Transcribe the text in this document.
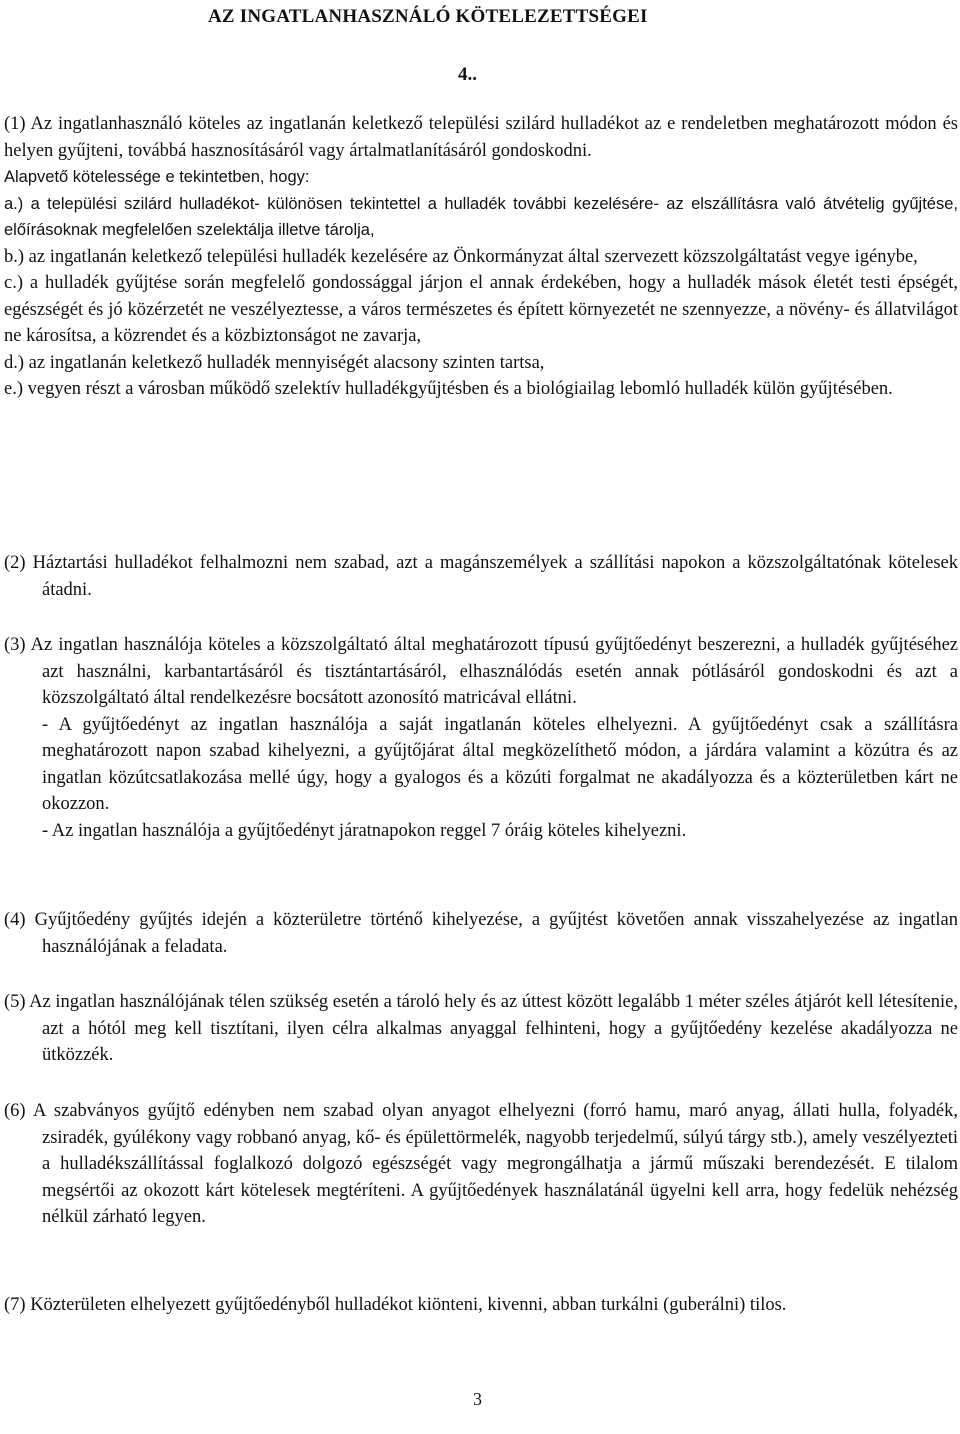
AZ INGATLANHASZNÁLÓ KÖTELEZETTSÉGEI
4..

(1) Az ingatlanhasználó köteles az ingatlanán keletkező települési szilárd hulladékot az e rendeletben meghatározott módon és helyen gyűjteni, továbbá hasznosításáról vagy ártalmatlanításáról gondoskodni.

Alapvető kötelessége e tekintetben, hogy:

a.) a települési szilárd hulladékot- különösen tekintettel a hulladék további kezelésére- az elszállításra való átvételig gyűjtése, előírásoknak megfelelően szelektálja illetve tárolja,

b.) az ingatlanán keletkező települési hulladék kezelésére az Önkormányzat által szervezett közszolgáltatást vegye igénybe,

c.) a hulladék gyűjtése során megfelelő gondossággal járjon el annak érdekében, hogy a hulladék mások életét testi épségét, egészségét és jó közérzetét ne veszélyeztesse, a város természetes és épített környezetét ne szennyezze, a növény- és állatvilágot ne károsítsa, a közrendet és a közbiztonságot ne zavarja,

d.) az ingatlanán keletkező hulladék mennyiségét alacsony szinten tartsa,

e.) vegyen részt a városban működő szelektív hulladékgyűjtésben és a biológiailag lebomló hulladék külön gyűjtésében.

(2) Háztartási hulladékot felhalmozni nem szabad, azt a magánszemélyek a szállítási napokon a közszolgáltatónak kötelesek átadni.

(3) Az ingatlan használója köteles a közszolgáltató által meghatározott típusú gyűjtőedényt beszerezni, a hulladék gyűjtéséhez azt használni, karbantartásáról és tisztántartásáról, elhasználódás esetén annak pótlásáról gondoskodni és azt a közszolgáltató által rendelkezésre bocsátott azonosító matricával ellátni.

- A gyűjtőedényt az ingatlan használója a saját ingatlanán köteles elhelyezni. A gyűjtőedényt csak a szállításra meghatározott napon szabad kihelyezni, a gyűjtőjárat által megközelíthető módon, a járdára valamint a közútra és az ingatlan közútcsatlakozása mellé úgy, hogy a gyalogos és a közúti forgalmat ne akadályozza és a közterületben kárt ne okozzon.

- Az ingatlan használója a gyűjtőedényt járatnapokon reggel 7 óráig köteles kihelyezni.

(4) Gyűjtőedény gyűjtés idején a közterületre történő kihelyezése, a gyűjtést követően annak visszahelyezése az ingatlan használójának a feladata.

(5) Az ingatlan használójának télen szükség esetén a tároló hely és az úttest között legalább 1 méter széles átjárót kell létesítenie, azt a hótól meg kell tisztítani, ilyen célra alkalmas anyaggal felhinteni, hogy a gyűjtőedény kezelése akadályozza ne ütközzék.

(6) A szabványos gyűjtő edényben nem szabad olyan anyagot elhelyezni (forró hamu, maró anyag, állati hulla, folyadék, zsiradék, gyúlékony vagy robbanó anyag, kő- és épülettörmelék, nagyobb terjedelmű, súlyú tárgy stb.), amely veszélyezteti a hulladékszállítással foglalkozó dolgozó egészségét vagy megrongálhatja a jármű műszaki berendezését. E tilalom megsértői az okozott kárt kötelesek megtéríteni. A gyűjtőedények használatánál ügyelni kell arra, hogy fedelük nehézség nélkül zárható legyen.

(7) Közterületen elhelyezett gyűjtőedényből hulladékot kiönteni, kivenni, abban turkálni (guberálni) tilos.

3
